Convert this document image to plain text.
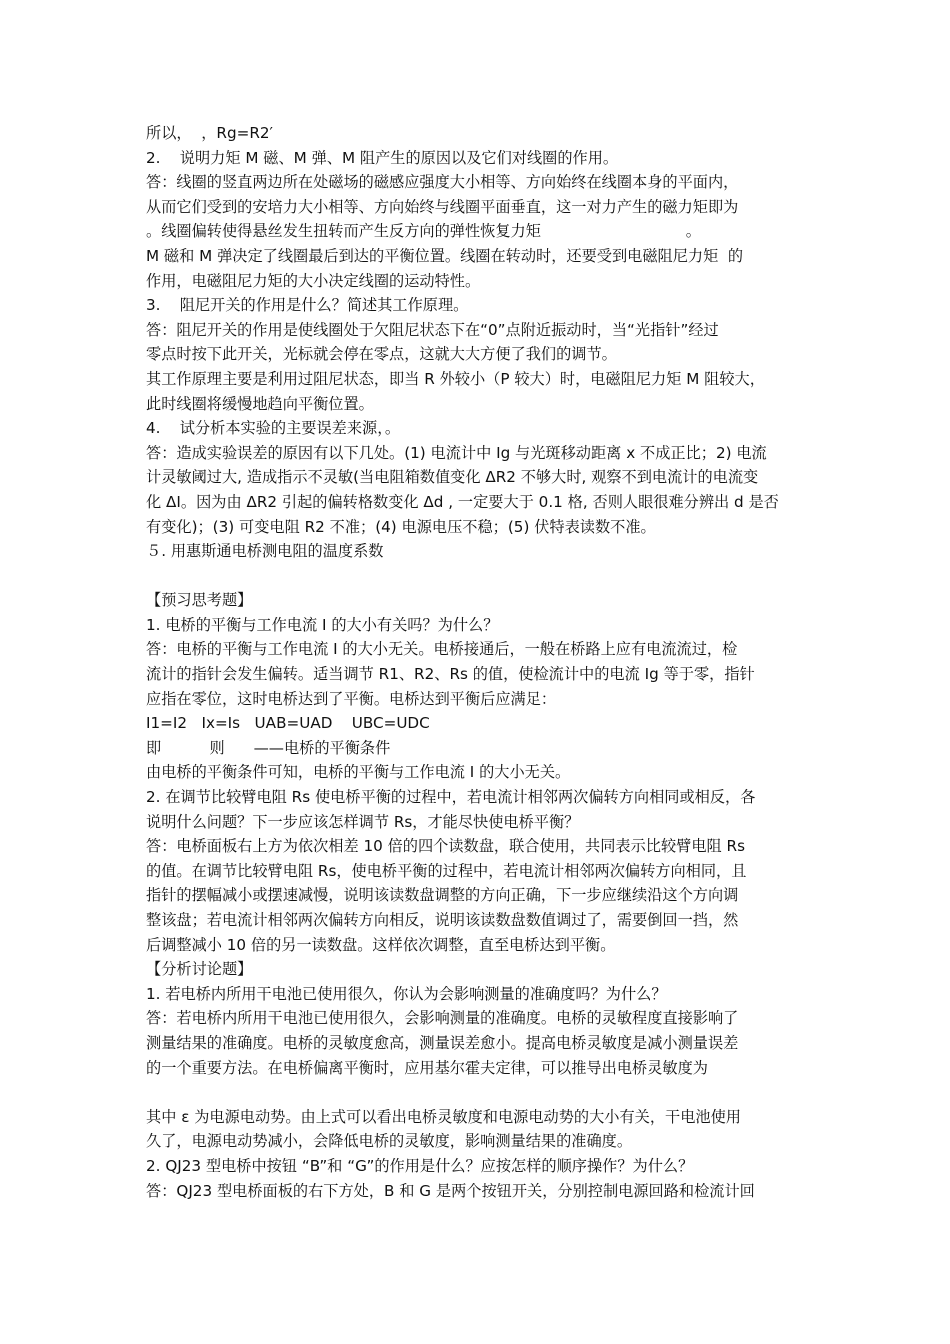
所以，  ，Rg=R2′
2.    说明力矩 M 磁、M 弹、M 阻产生的原因以及它们对线圈的作用。
答：线圈的竖直两边所在处磁场的磁感应强度大小相等、方向始终在线圈本身的平面内，
从而它们受到的安培力大小相等、方向始终与线圈平面垂直，这一对力产生的磁力矩即为
。线圈偏转使得悬丝发生扭转而产生反方向的弹性恢复力矩                              。
M 磁和 M 弹决定了线圈最后到达的平衡位置。线圈在转动时，还要受到电磁阻尼力矩  的
作用，电磁阻尼力矩的大小决定线圈的运动特性。
3.    阻尼开关的作用是什么？简述其工作原理。
答：阻尼开关的作用是使线圈处于欠阻尼状态下在“0”点附近振动时，当“光指针”经过
零点时按下此开关，光标就会停在零点，这就大大方便了我们的调节。
其工作原理主要是利用过阻尼状态，即当 R 外较小（P 较大）时，电磁阻尼力矩 M 阻较大，
此时线圈将缓慢地趋向平衡位置。
4.    试分析本实验的主要误差来源，。
答：造成实验误差的原因有以下几处。(1) 电流计中 Ig 与光斑移动距离 x 不成正比；2) 电流
计灵敏阈过大, 造成指示不灵敏(当电阻箱数值变化 ΔR2 不够大时, 观察不到电流计的电流变
化 ΔI。因为由 ΔR2 引起的偏转格数变化 Δd , 一定要大于 0.1 格, 否则人眼很难分辨出 d 是否
有变化)；(3) 可变电阻 R2 不准；(4) 电源电压不稳；(5) 伏特表读数不准。
５. 用惠斯通电桥测电阻的温度系数
【预习思考题】
1. 电桥的平衡与工作电流 I 的大小有关吗？为什么？
答：电桥的平衡与工作电流 I 的大小无关。电桥接通后，一般在桥路上应有电流流过，检
流计的指针会发生偏转。适当调节 R1、R2、Rs 的值，使检流计中的电流 Ig 等于零，指针
应指在零位，这时电桥达到了平衡。电桥达到平衡后应满足：
I1=I2   Ix=Is   UAB=UAD    UBC=UDC
即          则      ——电桥的平衡条件
由电桥的平衡条件可知，电桥的平衡与工作电流 I 的大小无关。
2. 在调节比较臂电阻 Rs 使电桥平衡的过程中，若电流计相邻两次偏转方向相同或相反，各
说明什么问题？下一步应该怎样调节 Rs，才能尽快使电桥平衡？
答：电桥面板右上方为依次相差 10 倍的四个读数盘，联合使用，共同表示比较臂电阻 Rs
的值。在调节比较臂电阻 Rs，使电桥平衡的过程中，若电流计相邻两次偏转方向相同，且
指针的摆幅减小或摆速减慢，说明该读数盘调整的方向正确，下一步应继续沿这个方向调
整该盘；若电流计相邻两次偏转方向相反，说明该读数盘数值调过了，需要倒回一挡，然
后调整减小 10 倍的另一读数盘。这样依次调整，直至电桥达到平衡。
【分析讨论题】
1. 若电桥内所用干电池已使用很久，你认为会影响测量的准确度吗？为什么？
答：若电桥内所用干电池已使用很久，会影响测量的准确度。电桥的灵敏程度直接影响了
测量结果的准确度。电桥的灵敏度愈高，测量误差愈小。提高电桥灵敏度是减小测量误差
的一个重要方法。在电桥偏离平衡时，应用基尔霍夫定律，可以推导出电桥灵敏度为
其中 ε 为电源电动势。由上式可以看出电桥灵敏度和电源电动势的大小有关，干电池使用
久了，电源电动势减小，会降低电桥的灵敏度，影响测量结果的准确度。
2. QJ23 型电桥中按钮 “B”和 “G”的作用是什么？应按怎样的顺序操作？为什么？
答：QJ23 型电桥面板的右下方处，B 和 G 是两个按钮开关，分别控制电源回路和检流计回
